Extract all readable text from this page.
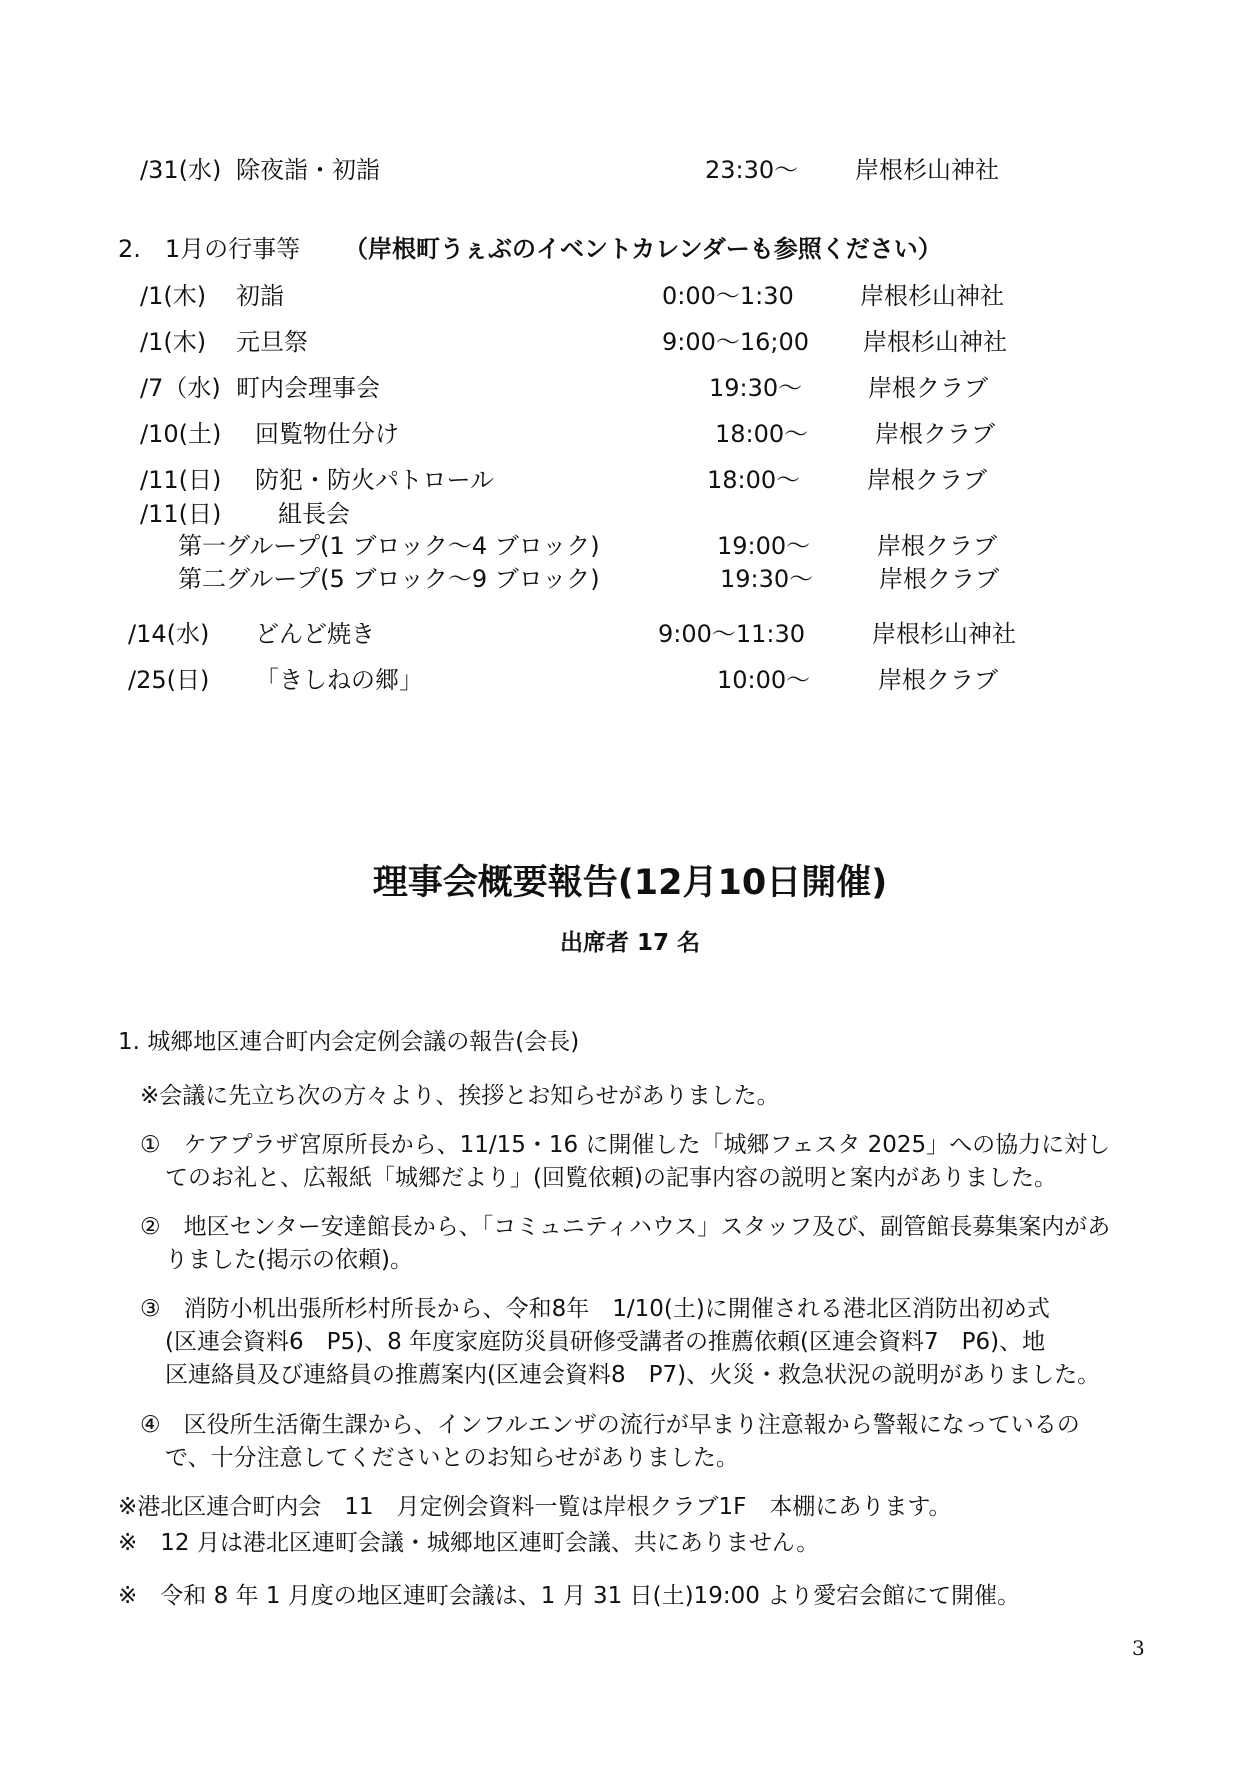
/31(水) 除夜詣・初詣	23:30～ 岸根杉山神社
2.　1月の行事等 （岸根町うぇぶのイベントカレンダーも参照ください）
/1(木) 初詣	0:00～1:30	岸根杉山神社
/1(木) 元旦祭	9:00～16;00 岸根杉山神社
/7（水) 町内会理事会	19:30～	岸根クラブ
/10(土) 回覧物仕分け	18:00～	岸根クラブ
/11(日) 防犯・防火パトロール	18:00～	岸根クラブ
/11(日) 組長会
第一グループ(1 ブロック～4 ブロック)	19:00～	岸根クラブ
第二グループ(5 ブロック～9 ブロック)	19:30～	岸根クラブ
/14(水) どんど焼き	9:00～11:30	岸根杉山神社
/25(日) 「きしねの郷」	10:00～	岸根クラブ
理事会概要報告(12月10日開催)
出席者 17 名
1. 城郷地区連合町内会定例会議の報告(会長)
※会議に先立ち次の方々より、挨拶とお知らせがありました。
①　ケアプラザ宮原所長から、11/15・16 に開催した「城郷フェスタ 2025」への協力に対し
てのお礼と、広報紙「城郷だより」(回覧依頼)の記事内容の説明と案内がありました。
②　地区センター安達館長から、「コミュニティハウス」スタッフ及び、副管館長募集案内があ
りました(掲示の依頼)。
③　消防小机出張所杉村所長から、令和8年　1/10(土)に開催される港北区消防出初め式
(区連会資料6　P5)、8 年度家庭防災員研修受講者の推薦依頼(区連会資料7　P6)、地
区連絡員及び連絡員の推薦案内(区連会資料8　P7)、火災・救急状況の説明がありました。
④　区役所生活衛生課から、インフルエンザの流行が早まり注意報から警報になっているの
で、十分注意してくださいとのお知らせがありました。
※港北区連合町内会　11　月定例会資料一覧は岸根クラブ1F　本棚にあります。
※　12 月は港北区連町会議・城郷地区連町会議、共にありません。
※　令和 8 年 1 月度の地区連町会議は、1 月 31 日(土)19:00 より愛宕会館にて開催。
3
